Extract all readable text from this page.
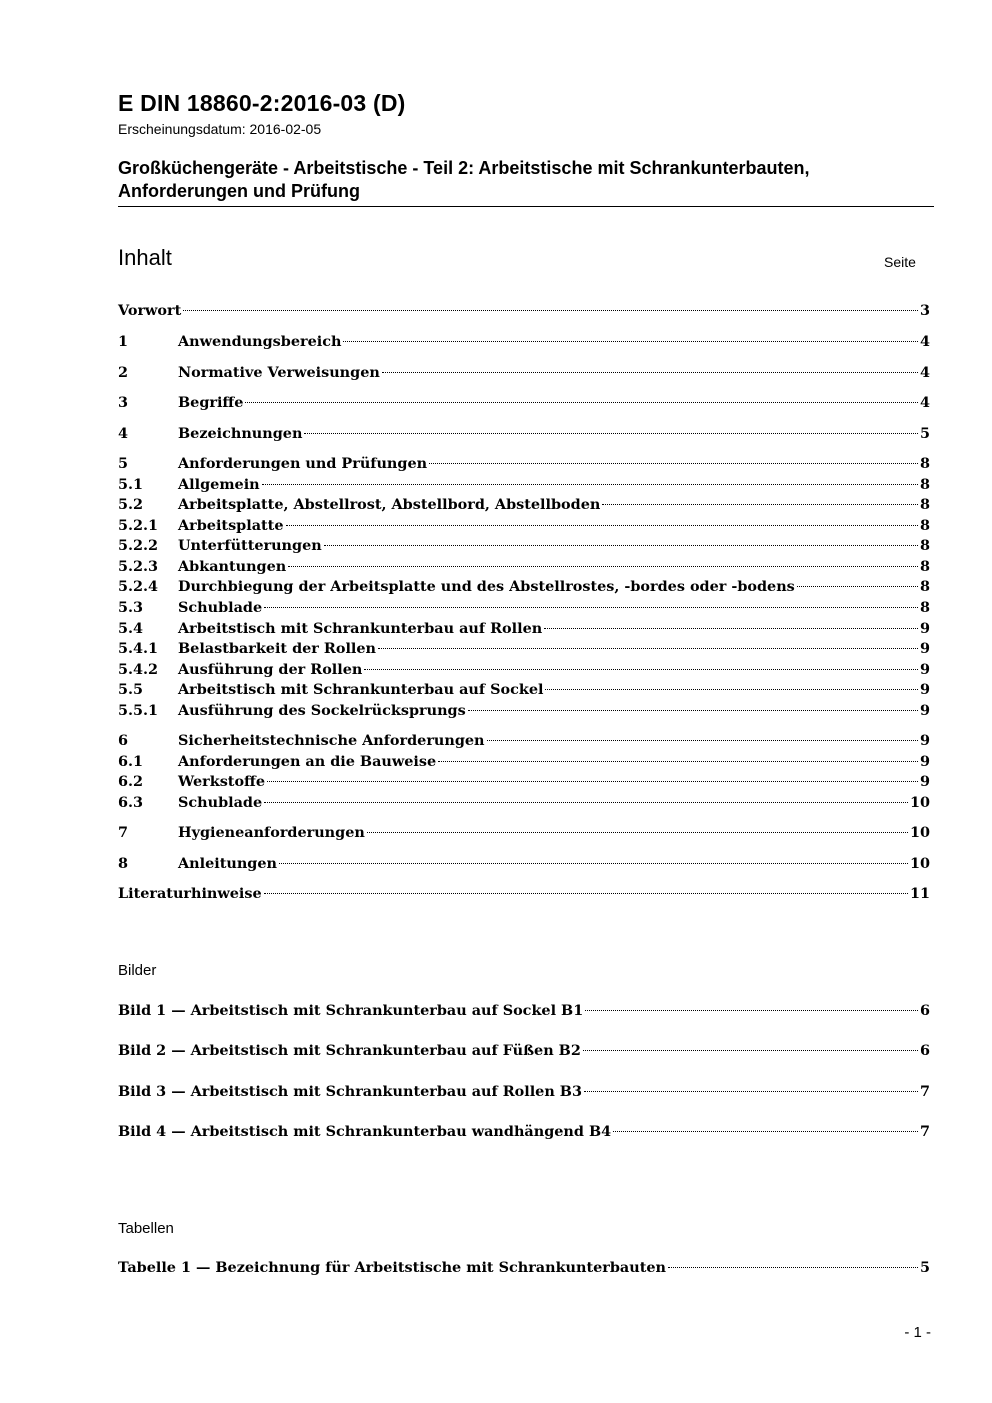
E DIN 18860-2:2016-03 (D)
Erscheinungsdatum: 2016-02-05
Großküchengeräte - Arbeitstische - Teil 2: Arbeitstische mit Schrankunterbauten,
Anforderungen und Prüfung
Inhalt	Seite
Vorwort	3
1	Anwendungsbereich	4
2	Normative Verweisungen	4
3	Begriffe	4
4	Bezeichnungen	5
5	Anforderungen und Prüfungen	8
5.1	Allgemein	8
5.2	Arbeitsplatte, Abstellrost, Abstellbord, Abstellboden	8
5.2.1	Arbeitsplatte	8
5.2.2	Unterfütterungen	8
5.2.3	Abkantungen	8
5.2.4	Durchbiegung der Arbeitsplatte und des Abstellrostes, -bordes oder -bodens	8
5.3	Schublade	8
5.4	Arbeitstisch mit Schrankunterbau auf Rollen	9
5.4.1	Belastbarkeit der Rollen	9
5.4.2	Ausführung der Rollen	9
5.5	Arbeitstisch mit Schrankunterbau auf Sockel	9
5.5.1	Ausführung des Sockelrücksprungs	9
6	Sicherheitstechnische Anforderungen	9
6.1	Anforderungen an die Bauweise	9
6.2	Werkstoffe	9
6.3	Schublade	10
7	Hygieneanforderungen	10
8	Anleitungen	10
Literaturhinweise	11
Bilder
Bild 1 — Arbeitstisch mit Schrankunterbau auf Sockel B1	6
Bild 2 — Arbeitstisch mit Schrankunterbau auf Füßen B2	6
Bild 3 — Arbeitstisch mit Schrankunterbau auf Rollen B3	7
Bild 4 — Arbeitstisch mit Schrankunterbau wandhängend B4	7
Tabellen
Tabelle 1 — Bezeichnung für Arbeitstische mit Schrankunterbauten	5
- 1 -
